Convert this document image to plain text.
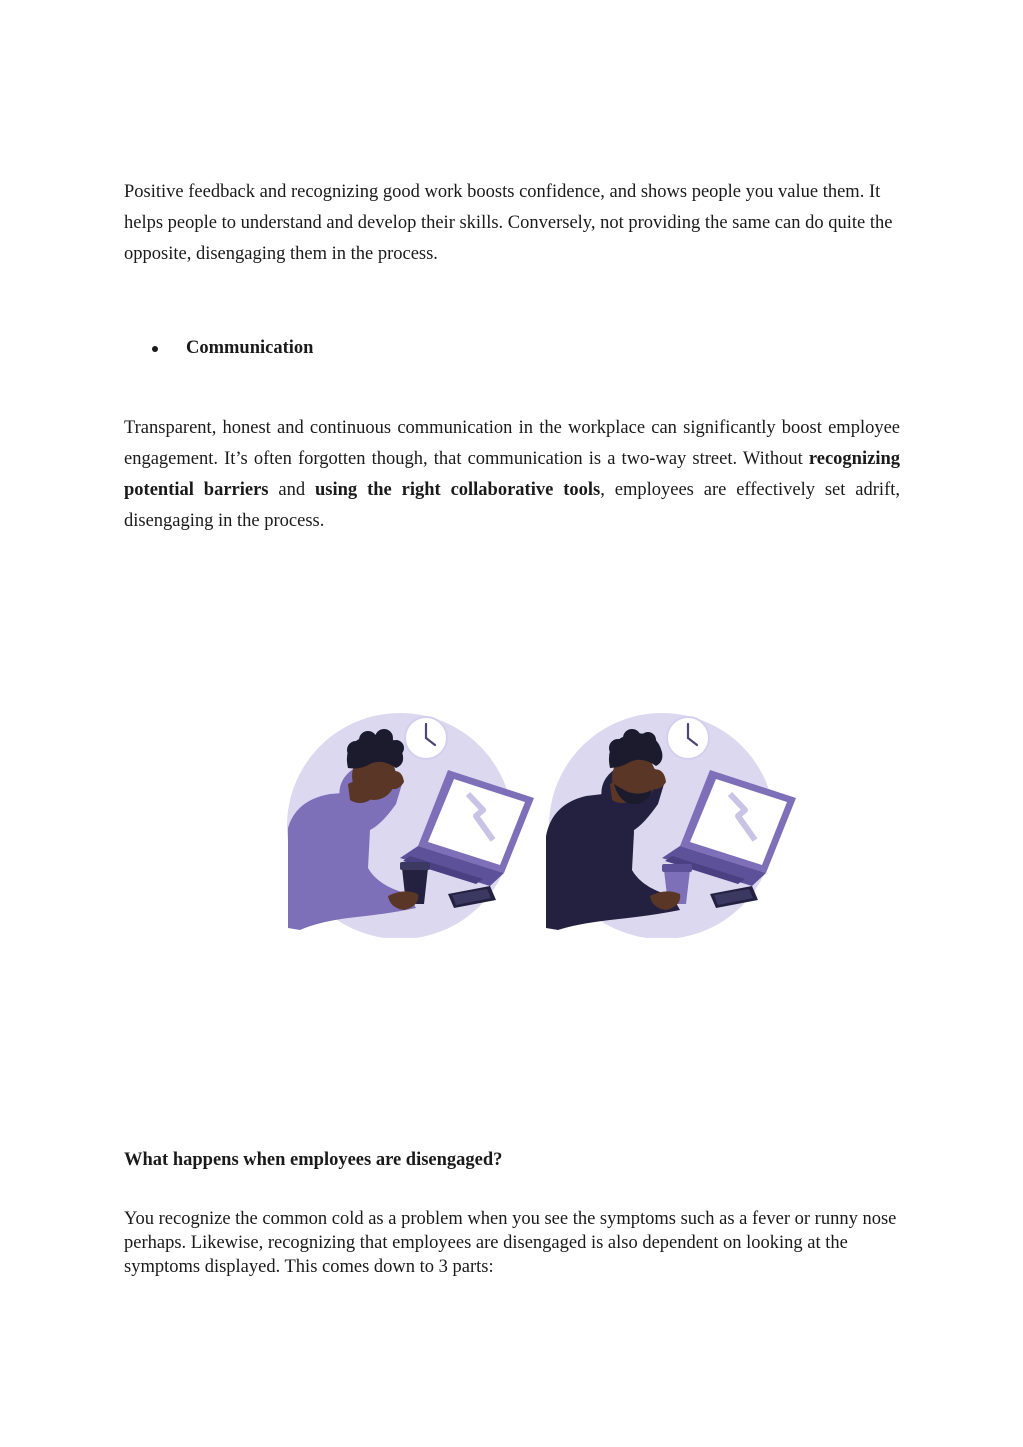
Positive feedback and recognizing good work boosts confidence, and shows people you value them. It helps people to understand and develop their skills. Conversely, not providing the same can do quite the opposite, disengaging them in the process.

Communication

Transparent, honest and continuous communication in the workplace can significantly boost employee engagement. It’s often forgotten though, that communication is a two-way street. Without recognizing potential barriers and using the right collaborative tools, employees are effectively set adrift, disengaging in the process.

What happens when employees are disengaged?

You recognize the common cold as a problem when you see the symptoms such as a fever or runny nose perhaps. Likewise, recognizing that employees are disengaged is also dependent on looking at the symptoms displayed. This comes down to 3 parts:
